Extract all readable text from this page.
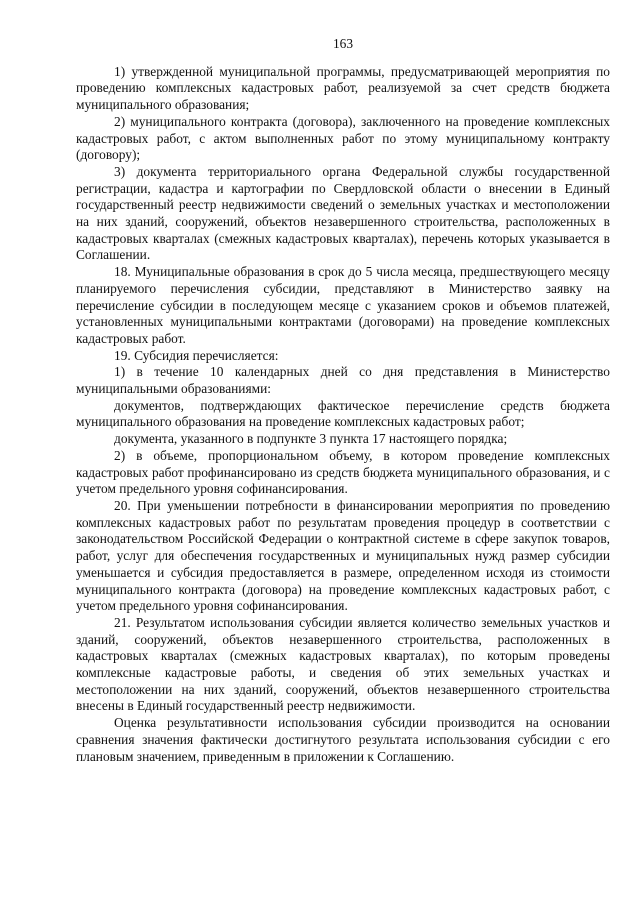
163

1) утвержденной муниципальной программы, предусматривающей мероприятия по проведению комплексных кадастровых работ, реализуемой за счет средств бюджета муниципального образования;

2) муниципального контракта (договора), заключенного на проведение комплексных кадастровых работ, с актом выполненных работ по этому муниципальному контракту (договору);

3) документа территориального органа Федеральной службы государственной регистрации, кадастра и картографии по Свердловской области о внесении в Единый государственный реестр недвижимости сведений о земельных участках и местоположении на них зданий, сооружений, объектов незавершенного строительства, расположенных в кадастровых кварталах (смежных кадастровых кварталах), перечень которых указывается в Соглашении.

18. Муниципальные образования в срок до 5 числа месяца, предшествующего месяцу планируемого перечисления субсидии, представляют в Министерство заявку на перечисление субсидии в последующем месяце с указанием сроков и объемов платежей, установленных муниципальными контрактами (договорами) на проведение комплексных кадастровых работ.

19. Субсидия перечисляется:

1) в течение 10 календарных дней со дня представления в Министерство муниципальными образованиями:

документов, подтверждающих фактическое перечисление средств бюджета муниципального образования на проведение комплексных кадастровых работ;

документа, указанного в подпункте 3 пункта 17 настоящего порядка;

2) в объеме, пропорциональном объему, в котором проведение комплексных кадастровых работ профинансировано из средств бюджета муниципального образования, и с учетом предельного уровня софинансирования.

20. При уменьшении потребности в финансировании мероприятия по проведению комплексных кадастровых работ по результатам проведения процедур в соответствии с законодательством Российской Федерации о контрактной системе в сфере закупок товаров, работ, услуг для обеспечения государственных и муниципальных нужд размер субсидии уменьшается и субсидия предоставляется в размере, определенном исходя из стоимости муниципального контракта (договора) на проведение комплексных кадастровых работ, с учетом предельного уровня софинансирования.

21. Результатом использования субсидии является количество земельных участков и зданий, сооружений, объектов незавершенного строительства, расположенных в кадастровых кварталах (смежных кадастровых кварталах), по которым проведены комплексные кадастровые работы, и сведения об этих земельных участках и местоположении на них зданий, сооружений, объектов незавершенного строительства внесены в Единый государственный реестр недвижимости.

Оценка результативности использования субсидии производится на основании сравнения значения фактически достигнутого результата использования субсидии с его плановым значением, приведенным в приложении к Соглашению.
